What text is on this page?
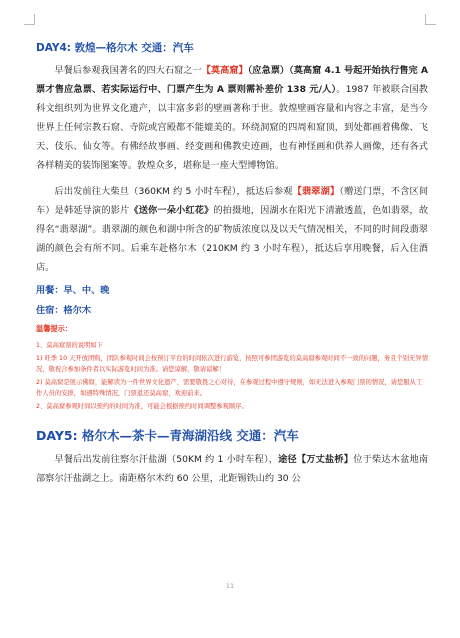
DAY4: 敦煌—格尔木 交通：汽车

早餐后参观我国著名的四大石窟之一【莫高窟】（应急票）（莫高窟 4.1 号起开始执行售完 A 票才售应急票、若实际运行中、门票产生为 A 票则需补差价 138 元/人）。1987 年被联合国教科文组织列为世界文化遗产，以丰富多彩的壁画著称于世。敦煌壁画容量和内容之丰富，是当今世界上任何宗教石窟、寺院或宫殿都不能媲美的。环绕洞窟的四周和窟顶，到处都画着佛像、飞天、伎乐、仙女等。有佛经故事画、经变画和佛教史迹画，也有神怪画和供养人画像，还有各式各样精美的装饰图案等。敦煌众多，堪称是一座大型博物馆。

后出发前往大柴旦（360KM 约 5 小时车程），抵达后参观【翡翠湖】（赠送门票，不含区间车）是韩延导演的影片《送你一朵小红花》的拍摄地，因湖水在阳光下清澈透蓝，色如翡翠，故得名“翡翠湖”。翡翠湖的颜色和湖中所含的矿物质浓度以及以天气情况相关，不同的时间段翡翠湖的颜色会有所不同。后乘车赴格尔木（210KM 约 3 小时车程），抵达后享用晚餐，后入住酒店。

用餐：早、中、晚
住宿：格尔木
温馨提示：
1、莫高窟票的说明如下
1) 旺季 10 天开放团购，团队参观时间会按预订平台的时间依次进行游览，按照可参团游览的莫高窟参观时间不一致的问题，务且个别无异情况，敬祝合参加条件者以实际游览时间为准。请您谅解，敬请谅解！
2) 莫高窟是展示佛窟，能解读为一件世界文化遗产，需要敬畏之心对待，在参观过程中遵守规则，如无法进入参观门票的情况，请您服从工作人员的安排，如遇特殊情况，门票退还莫高窟，欢迎前来。
2、莫高窟参观时间以预约的时间为准，可能会根据预约时间调整参观顺序。
DAY5: 格尔木—茶卡—青海湖沿线 交通：汽车

早餐后出发前往察尔汗盐湖（50KM 约 1 小时车程），途径【万丈盐桥】位于柴达木盆地南部察尔汗盐湖之上。南距格尔木约 60 公里，北距锡铁山约 30 公

11
